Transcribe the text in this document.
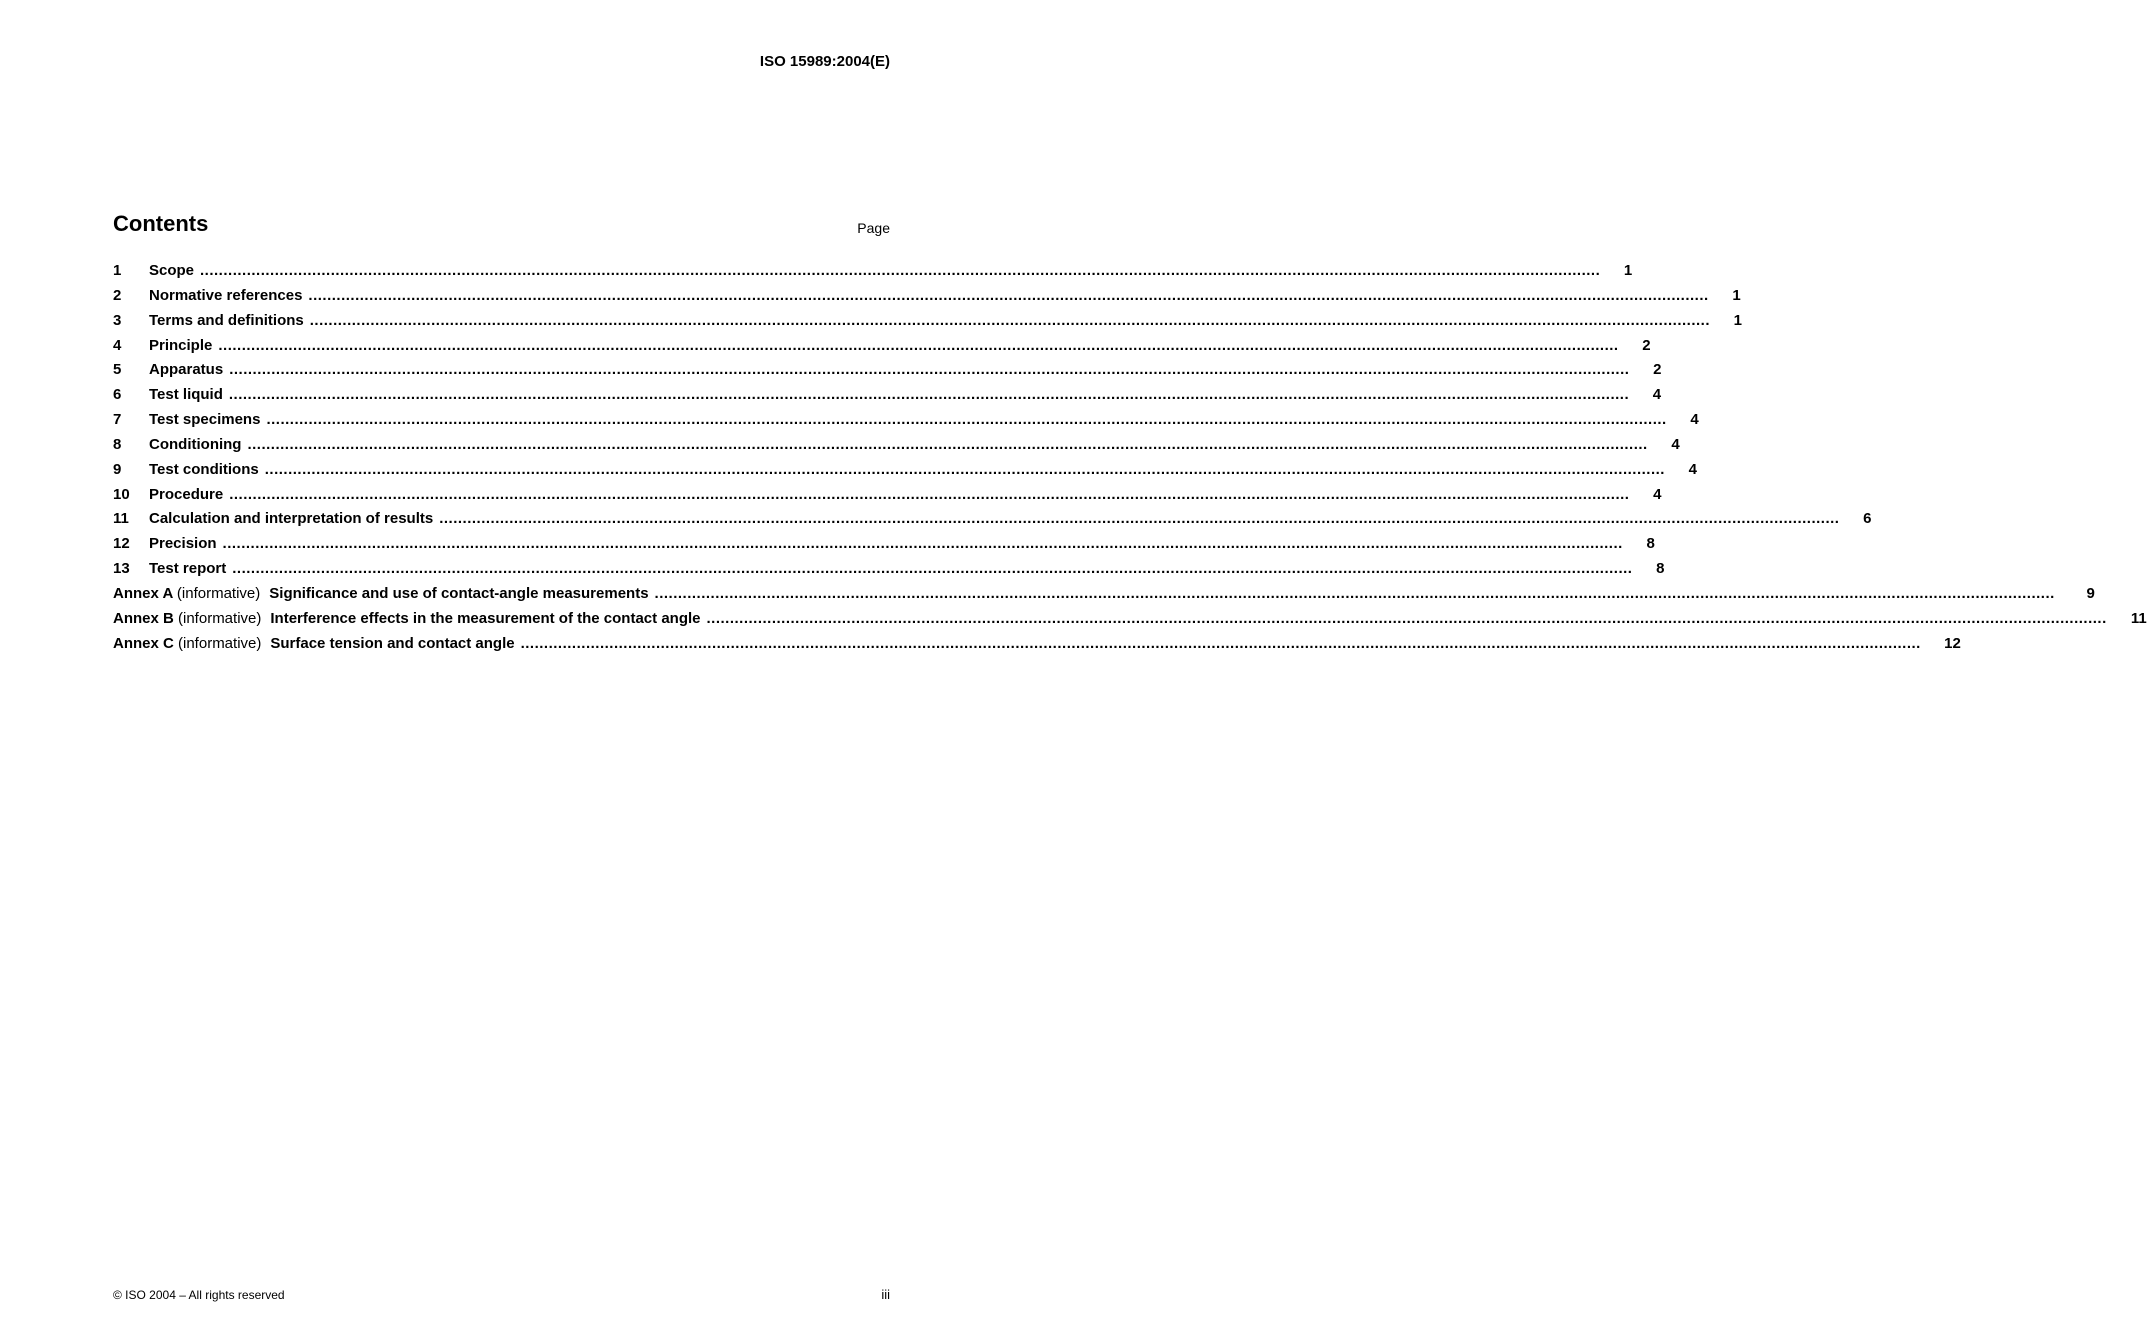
ISO 15989:2004(E)
Contents	Page
1	Scope ............................................................................................................................................................................................................................................................................................................	1
2	Normative references ............................................................................................................................................................................................................................................................................................................	1
3	Terms and definitions ............................................................................................................................................................................................................................................................................................................	1
4	Principle ............................................................................................................................................................................................................................................................................................................	2
5	Apparatus ............................................................................................................................................................................................................................................................................................................	2
6	Test liquid ............................................................................................................................................................................................................................................................................................................	4
7	Test specimens ............................................................................................................................................................................................................................................................................................................	4
8	Conditioning ............................................................................................................................................................................................................................................................................................................	4
9	Test conditions ............................................................................................................................................................................................................................................................................................................	4
10	Procedure ............................................................................................................................................................................................................................................................................................................	4
11	Calculation and interpretation of results ............................................................................................................................................................................................................................................................................................................	6
12	Precision ............................................................................................................................................................................................................................................................................................................	8
13	Test report ............................................................................................................................................................................................................................................................................................................	8
Annex A (informative) Significance and use of contact-angle measurements ............................................................................................................................................................................................................................................................................................................	9
Annex B (informative) Interference effects in the measurement of the contact angle ............................................................................................................................................................................................................................................................................................................	11
Annex C (informative) Surface tension and contact angle ............................................................................................................................................................................................................................................................................................................	12
© ISO 2004 – All rights reserved	iii
